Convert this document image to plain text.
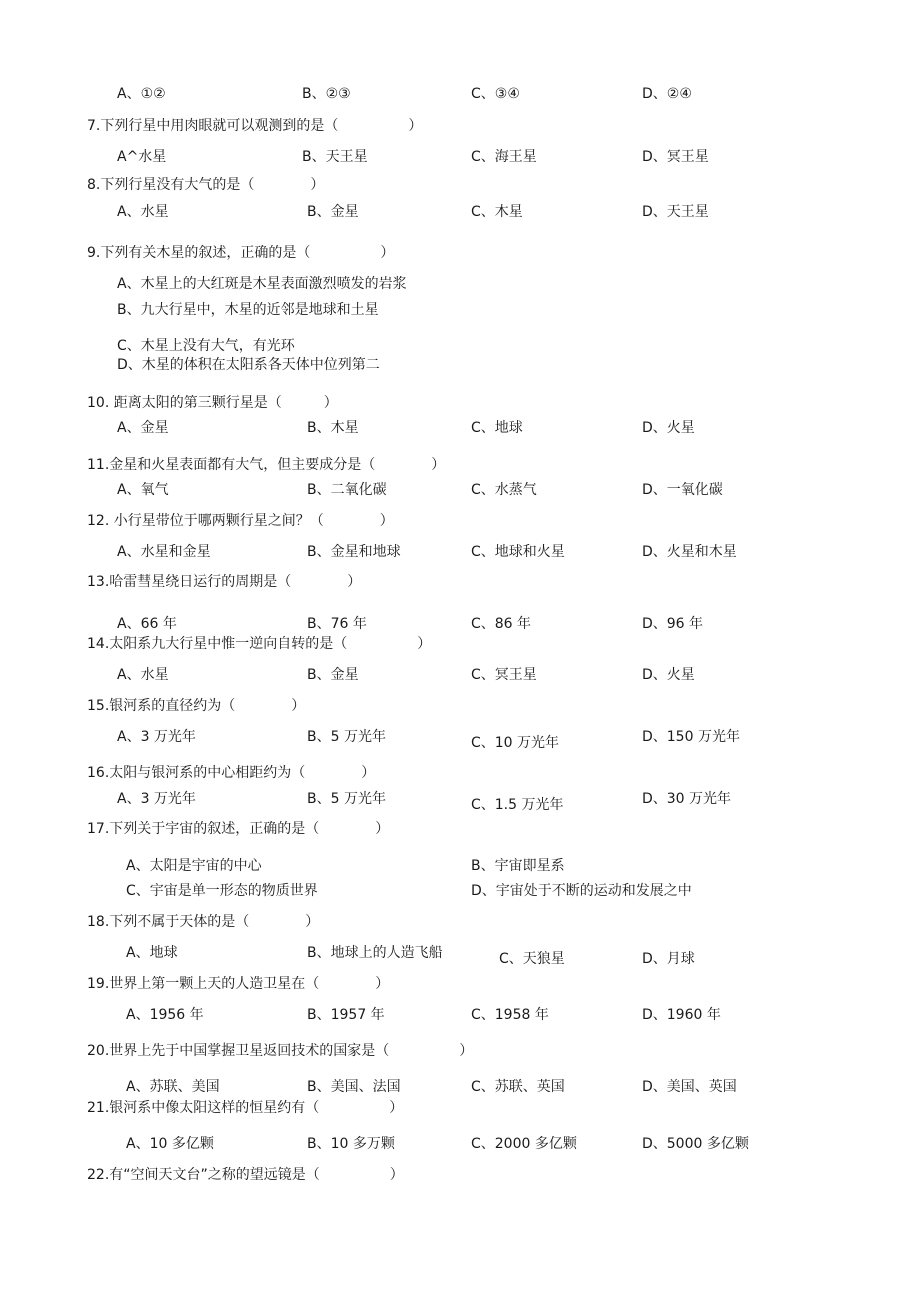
A、①②	B、②③	C、③④	D、②④
7.下列行星中用肉眼就可以观测到的是（　　　　　）
A^水星	B、天王星	C、海王星	D、冥王星
8.下列行星没有大气的是（　　　　）
A、水星	B、金星	C、木星	D、天王星
9.下列有关木星的叙述，正确的是（　　　　　）
A、木星上的大红斑是木星表面激烈喷发的岩浆
B、九大行星中，木星的近邻是地球和土星
C、木星上没有大气，有光环
D、木星的体积在太阳系各天体中位列第二
10. 距离太阳的第三颗行星是（　　　）
A、金星	B、木星	C、地球	D、火星
11.金星和火星表面都有大气，但主要成分是（　　　　）
A、氧气	B、二氧化碳	C、水蒸气	D、一氧化碳
12. 小行星带位于哪两颗行星之间？（　　　　）
A、水星和金星	B、金星和地球	C、地球和火星	D、火星和木星
13.哈雷彗星绕日运行的周期是（　　　　）
A、66 年	B、76 年	C、86 年	D、96 年
14.太阳系九大行星中惟一逆向自转的是（　　　　　）
A、水星	B、金星	C、冥王星	D、火星
15.银河系的直径约为（　　　　）
A、3 万光年	B、5 万光年	C、10 万光年	D、150 万光年
16.太阳与银河系的中心相距约为（　　　　）
A、3 万光年	B、5 万光年	C、1.5 万光年	D、30 万光年
17.下列关于宇宙的叙述，正确的是（　　　　）
A、太阳是宇宙的中心	B、宇宙即星系
C、宇宙是单一形态的物质世界	D、宇宙处于不断的运动和发展之中
18.下列不属于天体的是（　　　　）
A、地球	B、地球上的人造飞船	C、天狼星	D、月球
19.世界上第一颗上天的人造卫星在（　　　　）
A、1956 年	B、1957 年	C、1958 年	D、1960 年
20.世界上先于中国掌握卫星返回技术的国家是（　　　　　）
A、苏联、美国	B、美国、法国	C、苏联、英国	D、美国、英国
21.银河系中像太阳这样的恒星约有（　　　　　）
A、10 多亿颗	B、10 多万颗	C、2000 多亿颗	D、5000 多亿颗
22.有“空间天文台”之称的望远镜是（　　　　　）
